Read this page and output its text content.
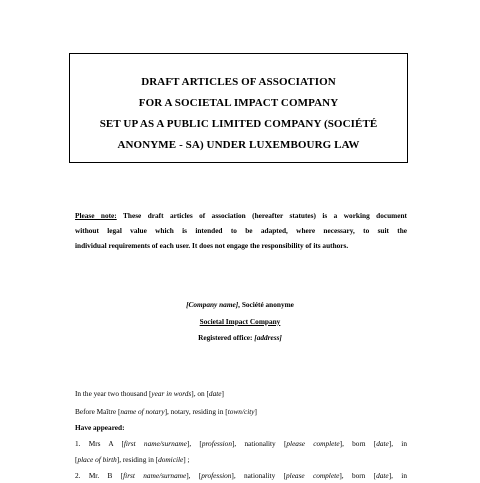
DRAFT ARTICLES OF ASSOCIATION
FOR A SOCIETAL IMPACT COMPANY
SET UP AS A PUBLIC LIMITED COMPANY (SOCIÉTÉ
ANONYME - SA) UNDER LUXEMBOURG LAW
Please note: These draft articles of association (hereafter statutes) is a working document
without legal value which is intended to be adapted, where necessary, to suit the
individual requirements of each user. It does not engage the responsibility of its authors.
[Company name], Société anonyme
Societal Impact Company
Registered office: [address]
In the year two thousand [year in words], on [date]
Before Maître [name of notary], notary, residing in [town/city]
Have appeared:
1. Mrs A [first name/surname], [profession], nationality [please complete], born [date], in
[place of birth], residing in [domicile] ;
2. Mr. B [first name/surname], [profession], nationality [please complete], born [date], in
